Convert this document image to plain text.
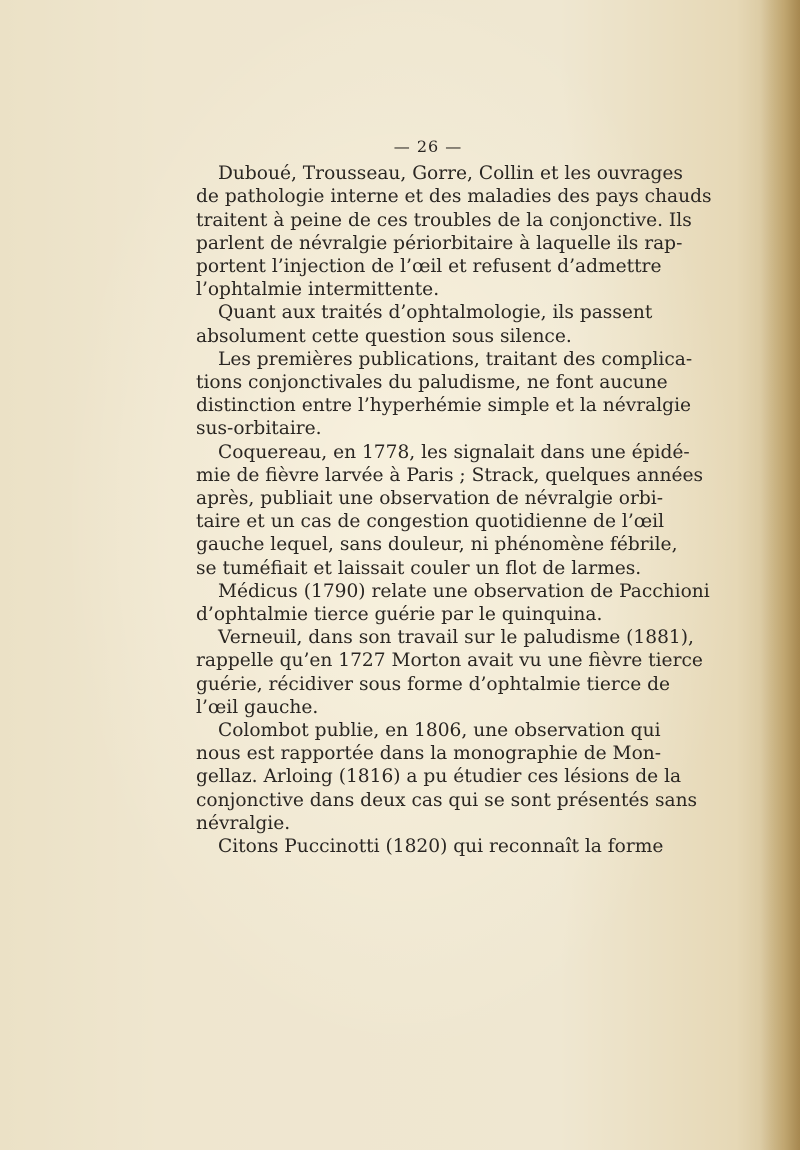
— 26 —
Duboué, Trousseau, Gorre, Collin et les ouvrages
de pathologie interne et des maladies des pays chauds
traitent à peine de ces troubles de la conjonctive. Ils
parlent de névralgie périorbitaire à laquelle ils rap-
portent l’injection de l’œil et refusent d’admettre
l’ophtalmie intermittente.
Quant aux traités d’ophtalmologie, ils passent
absolument cette question sous silence.
Les premières publications, traitant des complica-
tions conjonctivales du paludisme, ne font aucune
distinction entre l’hyperhémie simple et la névralgie
sus-orbitaire.
Coquereau, en 1778, les signalait dans une épidé-
mie de fièvre larvée à Paris ; Strack, quelques années
après, publiait une observation de névralgie orbi-
taire et un cas de congestion quotidienne de l’œil
gauche lequel, sans douleur, ni phénomène fébrile,
se tuméfiait et laissait couler un flot de larmes.
Médicus (1790) relate une observation de Pacchioni
d’ophtalmie tierce guérie par le quinquina.
Verneuil, dans son travail sur le paludisme (1881),
rappelle qu’en 1727 Morton avait vu une fièvre tierce
guérie, récidiver sous forme d’ophtalmie tierce de
l’œil gauche.
Colombot publie, en 1806, une observation qui
nous est rapportée dans la monographie de Mon-
gellaz. Arloing (1816) a pu étudier ces lésions de la
conjonctive dans deux cas qui se sont présentés sans
névralgie.
Citons Puccinotti (1820) qui reconnaît la forme
